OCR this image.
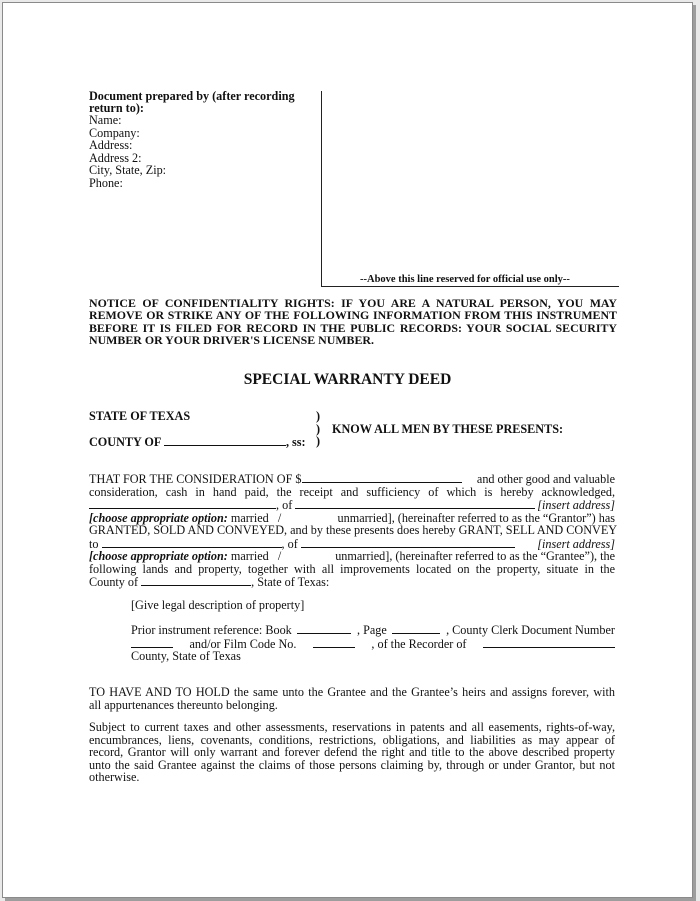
Document prepared by (after recording
return to):
Name:
Company:
Address:
Address 2:
City, State, Zip:
Phone:
--Above this line reserved for official use only--
NOTICE OF CONFIDENTIALITY RIGHTS: IF YOU ARE A NATURAL PERSON, YOU MAY
REMOVE OR STRIKE ANY OF THE FOLLOWING INFORMATION FROM THIS INSTRUMENT
BEFORE IT IS FILED FOR RECORD IN THE PUBLIC RECORDS: YOUR SOCIAL SECURITY
NUMBER OR YOUR DRIVER'S LICENSE NUMBER.
SPECIAL WARRANTY DEED
STATE OF TEXAS
COUNTY OF	, ss:
)
)
)
KNOW ALL MEN BY THESE PRESENTS:
THAT FOR THE CONSIDERATION OF $	and other good and valuable
consideration, cash in hand paid, the receipt and sufficiency of which is hereby acknowledged,
, of	[insert address]
[choose appropriate option: married /	unmarried], (hereinafter referred to as the “Grantor”) has
GRANTED, SOLD AND CONVEYED, and by these presents does hereby GRANT, SELL AND CONVEY
to	, of	[insert address]
[choose appropriate option: married /	unmarried], (hereinafter referred to as the “Grantee”), the
following lands and property, together with all improvements located on the property, situate in the
County of	, State of Texas:
[Give legal description of property]
Prior instrument reference: Book	, Page	, County Clerk Document Number
and/or Film Code No.	, of the Recorder of
County, State of Texas
TO HAVE AND TO HOLD the same unto the Grantee and the Grantee’s heirs and assigns forever, with
all appurtenances thereunto belonging.
Subject to current taxes and other assessments, reservations in patents and all easements, rights-of-way,
encumbrances, liens, covenants, conditions, restrictions, obligations, and liabilities as may appear of
record, Grantor will only warrant and forever defend the right and title to the above described property
unto the said Grantee against the claims of those persons claiming by, through or under Grantor, but not
otherwise.
